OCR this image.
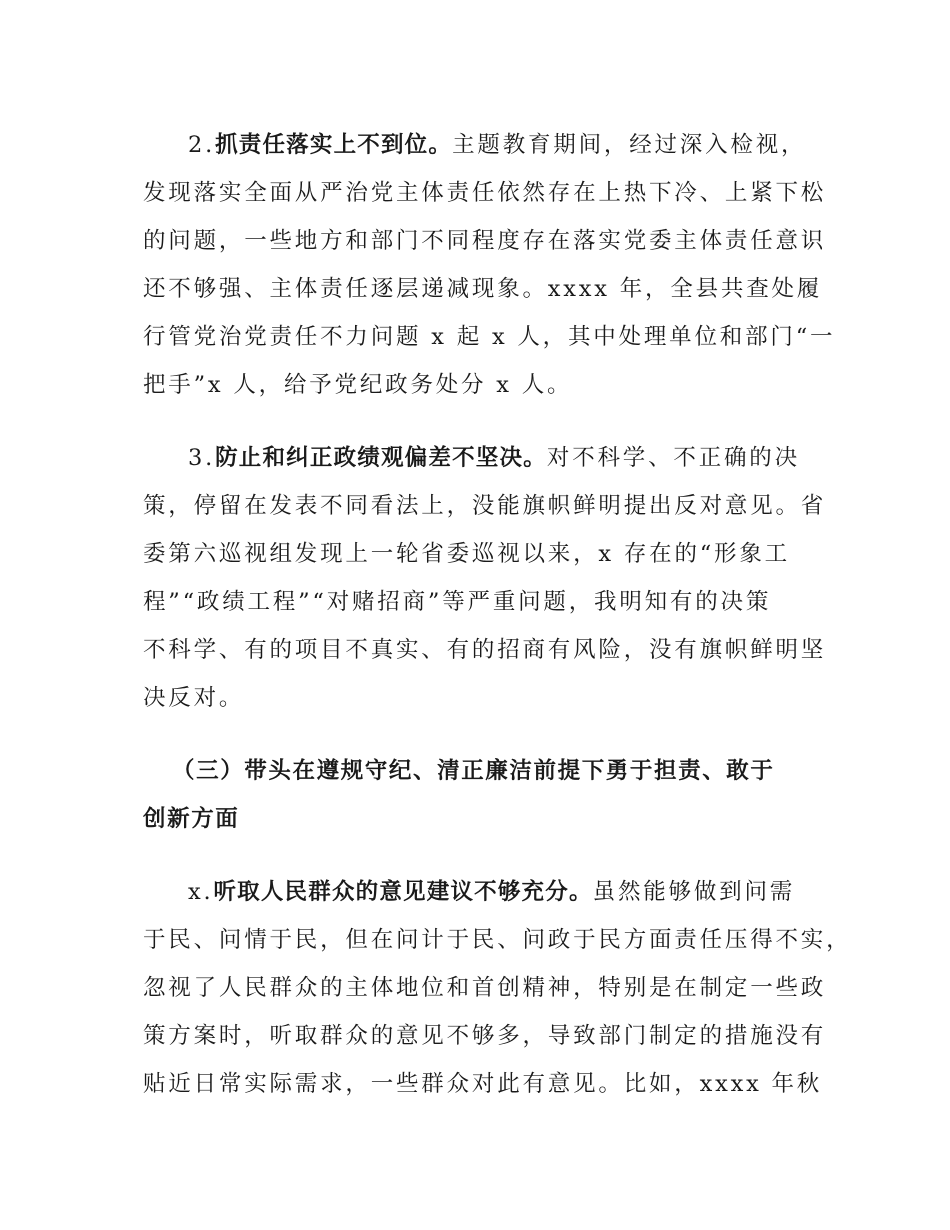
2.抓责任落实上不到位。主题教育期间，经过深入检视，
发现落实全面从严治党主体责任依然存在上热下冷、上紧下松
的问题，一些地方和部门不同程度存在落实党委主体责任意识
还不够强、主体责任逐层递减现象。xxxx 年，全县共查处履
行管党治党责任不力问题 x 起 x 人，其中处理单位和部门“一
把手”x 人，给予党纪政务处分 x 人。
3.防止和纠正政绩观偏差不坚决。对不科学、不正确的决
策，停留在发表不同看法上，没能旗帜鲜明提出反对意见。省
委第六巡视组发现上一轮省委巡视以来，x 存在的“形象工
程”“政绩工程”“对赌招商”等严重问题，我明知有的决策
不科学、有的项目不真实、有的招商有风险，没有旗帜鲜明坚
决反对。
（三）带头在遵规守纪、清正廉洁前提下勇于担责、敢于
创新方面
x.听取人民群众的意见建议不够充分。虽然能够做到问需
于民、问情于民，但在问计于民、问政于民方面责任压得不实，
忽视了人民群众的主体地位和首创精神，特别是在制定一些政
策方案时，听取群众的意见不够多，导致部门制定的措施没有
贴近日常实际需求，一些群众对此有意见。比如，xxxx 年秋
